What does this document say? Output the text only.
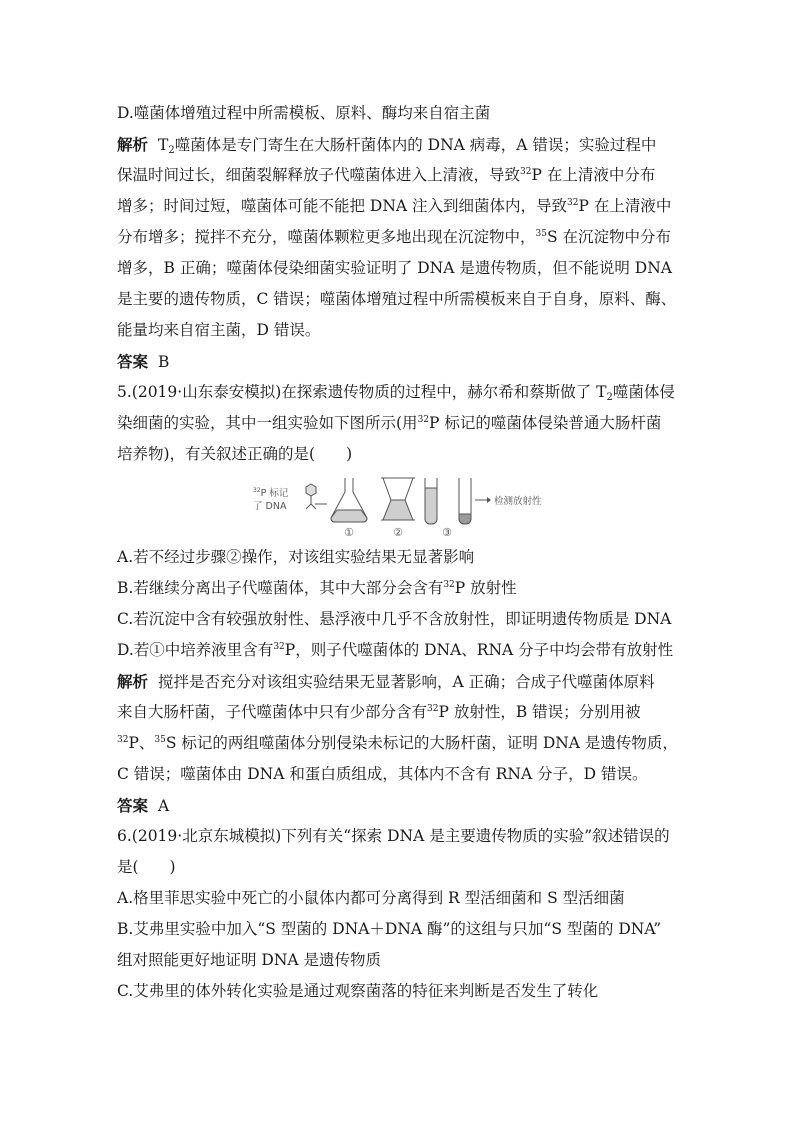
D.噬菌体增殖过程中所需模板、原料、酶均来自宿主菌
解析 $T_2$噬菌体是专门寄生在大肠杆菌体内的 DNA 病毒，A 错误；实验过程中
保温时间过长，细菌裂解释放子代噬菌体进入上清液，导致$^{32}$P 在上清液中分布
增多；时间过短，噬菌体可能不能把 DNA 注入到细菌体内，导致$^{32}$P 在上清液中
分布增多；搅拌不充分，噬菌体颗粒更多地出现在沉淀物中，$^{35}$S 在沉淀物中分布
增多，B 正确；噬菌体侵染细菌实验证明了 DNA 是遗传物质，但不能说明 DNA
是主要的遗传物质，C 错误；噬菌体增殖过程中所需模板来自于自身，原料、酶、
能量均来自宿主菌，D 错误。
答案 B
5.(2019·山东泰安模拟)在探索遗传物质的过程中，赫尔希和蔡斯做了 $T_2$噬菌体侵
染细菌的实验，其中一组实验如下图所示(用$^{32}$P 标记的噬菌体侵染普通大肠杆菌
培养物)，有关叙述正确的是(　　)
$^{32}$P 标记
了 DNA
①	②	③
检测放射性
A.若不经过步骤②操作，对该组实验结果无显著影响
B.若继续分离出子代噬菌体，其中大部分会含有$^{32}$P 放射性
C.若沉淀中含有较强放射性、悬浮液中几乎不含放射性，即证明遗传物质是 DNA
D.若①中培养液里含有$^{32}$P，则子代噬菌体的 DNA、RNA 分子中均会带有放射性
解析 搅拌是否充分对该组实验结果无显著影响，A 正确；合成子代噬菌体原料
来自大肠杆菌，子代噬菌体中只有少部分含有$^{32}$P 放射性，B 错误；分别用被
$^{32}$P、$^{35}$S 标记的两组噬菌体分别侵染未标记的大肠杆菌，证明 DNA 是遗传物质，
C 错误；噬菌体由 DNA 和蛋白质组成，其体内不含有 RNA 分子，D 错误。
答案 A
6.(2019·北京东城模拟)下列有关“探索 DNA 是主要遗传物质的实验”叙述错误的
是(　　)
A.格里菲思实验中死亡的小鼠体内都可分离得到 R 型活细菌和 S 型活细菌
B.艾弗里实验中加入“S 型菌的 DNA＋DNA 酶”的这组与只加“S 型菌的 DNA”
组对照能更好地证明 DNA 是遗传物质
C.艾弗里的体外转化实验是通过观察菌落的特征来判断是否发生了转化
